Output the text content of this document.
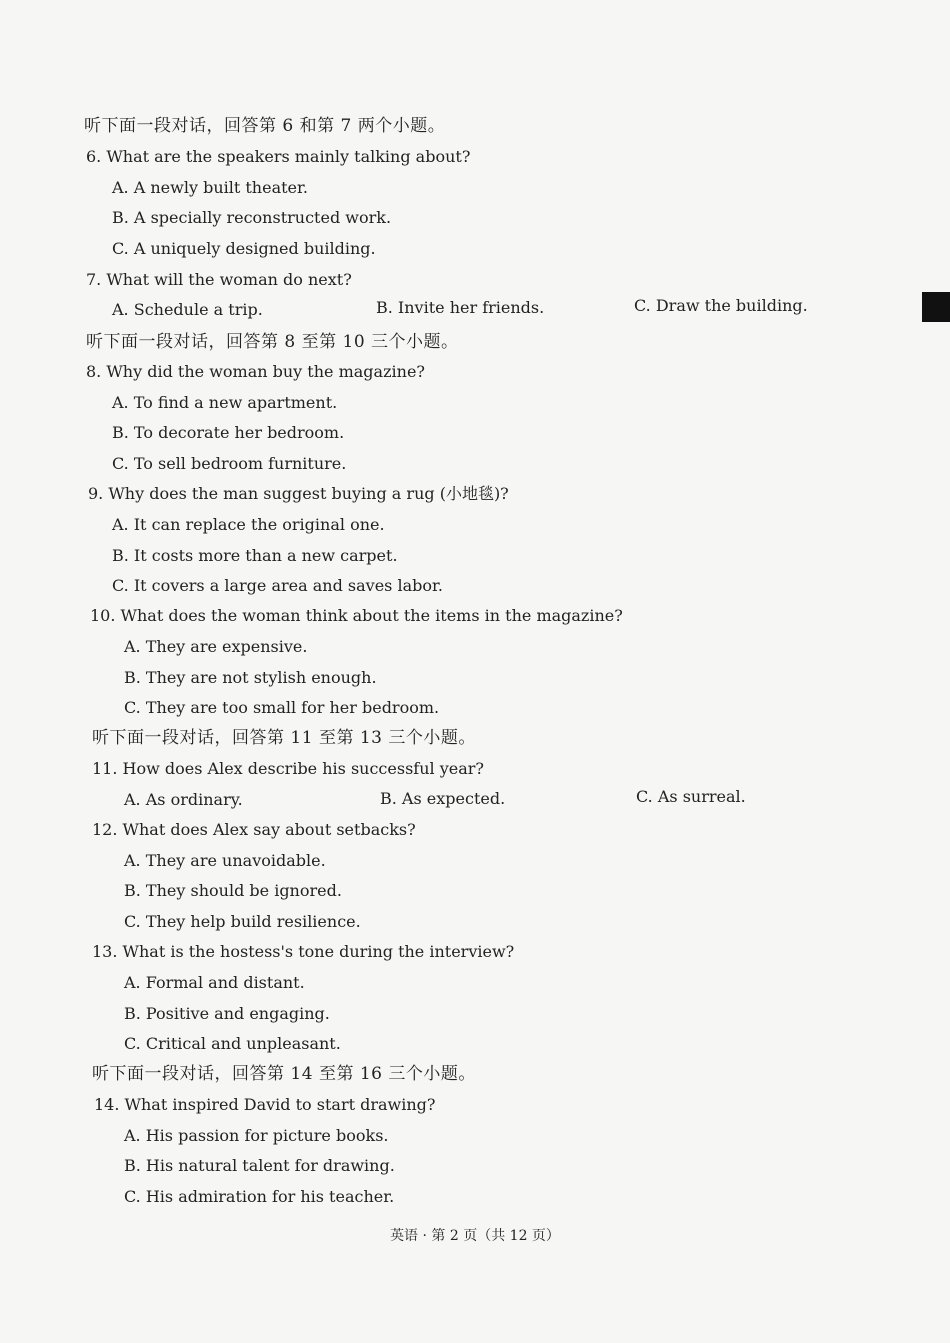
听下面一段对话，回答第 6 和第 7 两个小题。
6. What are the speakers mainly talking about?
A. A newly built theater.
B. A specially reconstructed work.
C. A uniquely designed building.
7. What will the woman do next?
A. Schedule a trip.	B. Invite her friends.	C. Draw the building.
听下面一段对话，回答第 8 至第 10 三个小题。
8. Why did the woman buy the magazine?
A. To find a new apartment.
B. To decorate her bedroom.
C. To sell bedroom furniture.
9. Why does the man suggest buying a rug (小地毯)?
A. It can replace the original one.
B. It costs more than a new carpet.
C. It covers a large area and saves labor.
10. What does the woman think about the items in the magazine?
A. They are expensive.
B. They are not stylish enough.
C. They are too small for her bedroom.
听下面一段对话，回答第 11 至第 13 三个小题。
11. How does Alex describe his successful year?
A. As ordinary.	B. As expected.	C. As surreal.
12. What does Alex say about setbacks?
A. They are unavoidable.
B. They should be ignored.
C. They help build resilience.
13. What is the hostess's tone during the interview?
A. Formal and distant.
B. Positive and engaging.
C. Critical and unpleasant.
听下面一段对话，回答第 14 至第 16 三个小题。
14. What inspired David to start drawing?
A. His passion for picture books.
B. His natural talent for drawing.
C. His admiration for his teacher.
英语 · 第 2 页（共 12 页）
